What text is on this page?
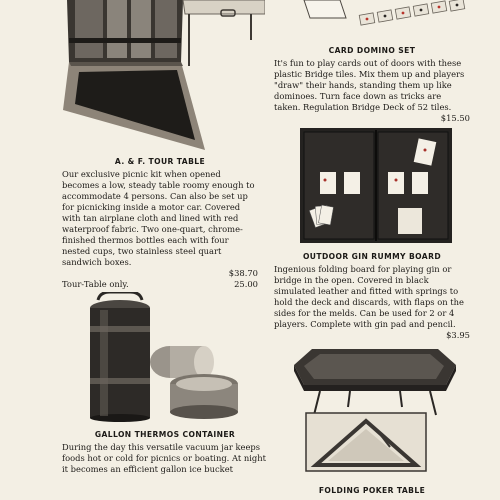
A. & F. TOUR TABLE

Our exclusive picnic kit when opened becomes a low, steady table roomy enough to accommodate 4 persons. Can also be set up for picnicking inside a motor car. Covered with tan airplane cloth and lined with red waterproof fabric. Two one-quart, chrome-finished thermos bottles each with four nested cups, two stainless steel quart sandwich boxes.

$38.70
Tour-Table only.	25.00

CARD DOMINO SET

It's fun to play cards out of doors with these plastic Bridge tiles. Mix them up and players "draw" their hands, standing them up like dominoes. Turn face down as tricks are taken. Regulation Bridge Deck of 52 tiles.

$15.50

OUTDOOR GIN RUMMY BOARD

Ingenious folding board for playing gin or bridge in the open. Covered in black simulated leather and fitted with springs to hold the deck and discards, with flaps on the sides for the melds. Can be used for 2 or 4 players. Complete with gin pad and pencil.

$3.95

GALLON THERMOS CONTAINER

During the day this versatile vacuum jar keeps foods hot or cold for picnics or boating. At night it becomes an efficient gallon ice bucket

FOLDING POKER TABLE
